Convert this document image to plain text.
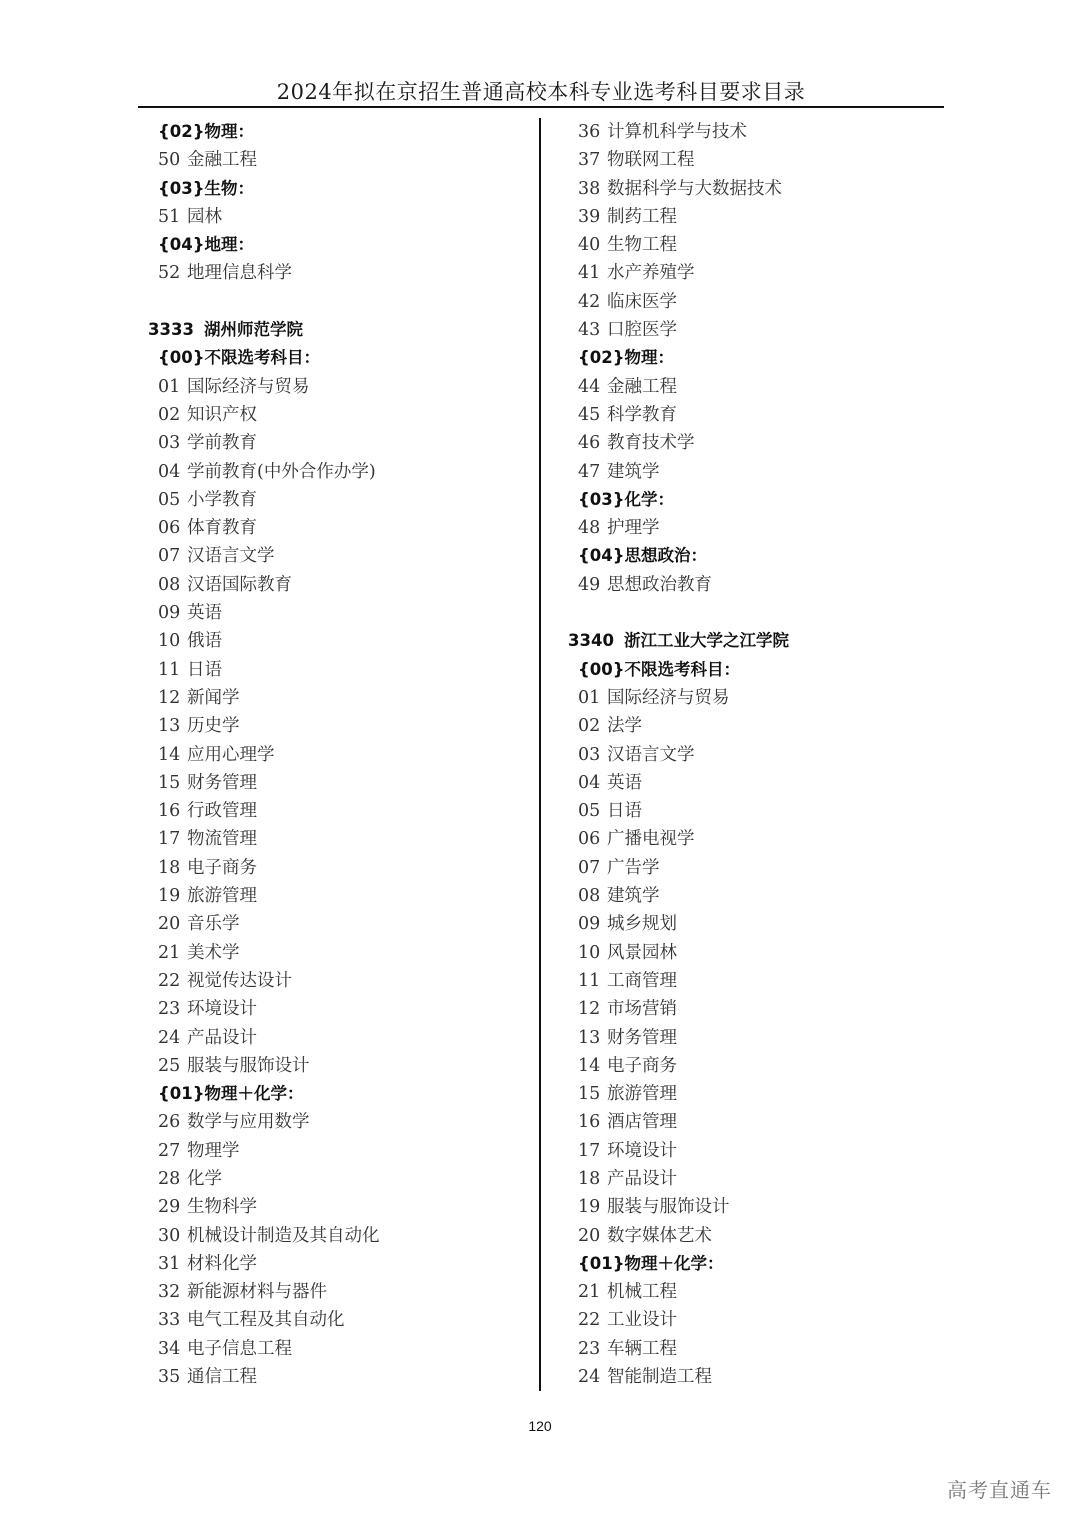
2024年拟在京招生普通高校本科专业选考科目要求目录
{02}物理：
50 金融工程
{03}生物：
51 园林
{04}地理：
52 地理信息科学
3333 湖州师范学院
{00}不限选考科目：
01 国际经济与贸易
02 知识产权
03 学前教育
04 学前教育(中外合作办学)
05 小学教育
06 体育教育
07 汉语言文学
08 汉语国际教育
09 英语
10 俄语
11 日语
12 新闻学
13 历史学
14 应用心理学
15 财务管理
16 行政管理
17 物流管理
18 电子商务
19 旅游管理
20 音乐学
21 美术学
22 视觉传达设计
23 环境设计
24 产品设计
25 服装与服饰设计
{01}物理＋化学：
26 数学与应用数学
27 物理学
28 化学
29 生物科学
30 机械设计制造及其自动化
31 材料化学
32 新能源材料与器件
33 电气工程及其自动化
34 电子信息工程
35 通信工程
36 计算机科学与技术
37 物联网工程
38 数据科学与大数据技术
39 制药工程
40 生物工程
41 水产养殖学
42 临床医学
43 口腔医学
{02}物理：
44 金融工程
45 科学教育
46 教育技术学
47 建筑学
{03}化学：
48 护理学
{04}思想政治：
49 思想政治教育
3340 浙江工业大学之江学院
{00}不限选考科目：
01 国际经济与贸易
02 法学
03 汉语言文学
04 英语
05 日语
06 广播电视学
07 广告学
08 建筑学
09 城乡规划
10 风景园林
11 工商管理
12 市场营销
13 财务管理
14 电子商务
15 旅游管理
16 酒店管理
17 环境设计
18 产品设计
19 服装与服饰设计
20 数字媒体艺术
{01}物理＋化学：
21 机械工程
22 工业设计
23 车辆工程
24 智能制造工程
120
高考直通车
